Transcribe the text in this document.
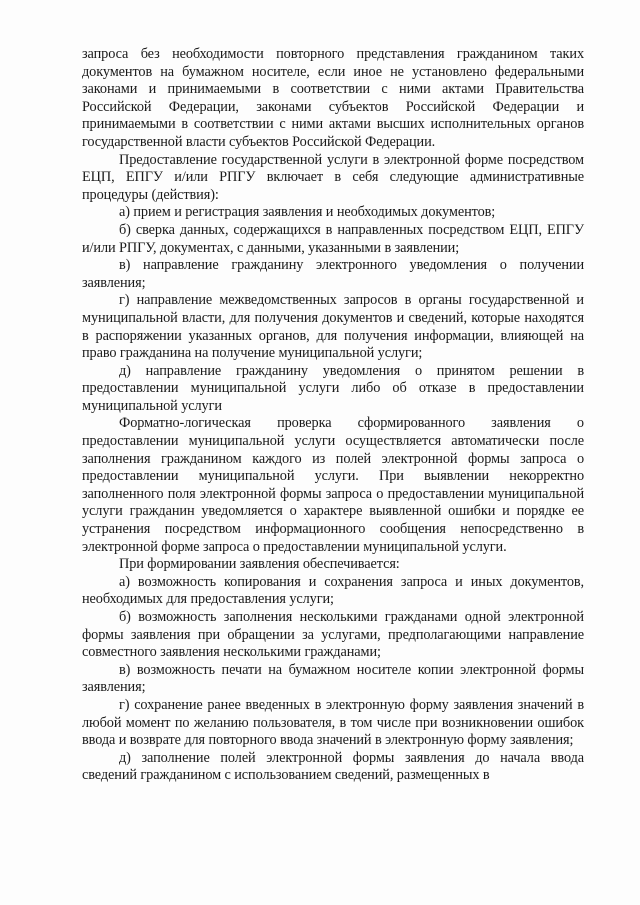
запроса без необходимости повторного представления гражданином таких документов на бумажном носителе, если иное не установлено федеральными законами и принимаемыми в соответствии с ними актами Правительства Российской Федерации, законами субъектов Российской Федерации и принимаемыми в соответствии с ними актами высших исполнительных органов государственной власти субъектов Российской Федерации.

Предоставление государственной услуги в электронной форме посредством ЕЦП, ЕПГУ и/или РПГУ включает в себя следующие административные процедуры (действия):

а) прием и регистрация заявления и необходимых документов;

б) сверка данных, содержащихся в направленных посредством ЕЦП, ЕПГУ и/или РПГУ, документах, с данными, указанными в заявлении;

в) направление гражданину электронного уведомления о получении заявления;

г) направление межведомственных запросов в органы государственной и муниципальной власти, для получения документов и сведений, которые находятся в распоряжении указанных органов, для получения информации, влияющей на право гражданина на получение муниципальной услуги;

д) направление гражданину уведомления о принятом решении в предоставлении муниципальной услуги либо об отказе в предоставлении муниципальной услуги

Форматно-логическая проверка сформированного заявления о предоставлении муниципальной услуги осуществляется автоматически после заполнения гражданином каждого из полей электронной формы запроса о предоставлении муниципальной услуги. При выявлении некорректно заполненного поля электронной формы запроса о предоставлении муниципальной услуги гражданин уведомляется о характере выявленной ошибки и порядке ее устранения посредством информационного сообщения непосредственно в электронной форме запроса о предоставлении муниципальной услуги.

При формировании заявления обеспечивается:

а) возможность копирования и сохранения запроса и иных документов, необходимых для предоставления услуги;

б) возможность заполнения несколькими гражданами одной электронной формы заявления при обращении за услугами, предполагающими направление совместного заявления несколькими гражданами;

в) возможность печати на бумажном носителе копии электронной формы заявления;

г) сохранение ранее введенных в электронную форму заявления значений в любой момент по желанию пользователя, в том числе при возникновении ошибок ввода и возврате для повторного ввода значений в электронную форму заявления;

д) заполнение полей электронной формы заявления до начала ввода сведений гражданином с использованием сведений, размещенных в
